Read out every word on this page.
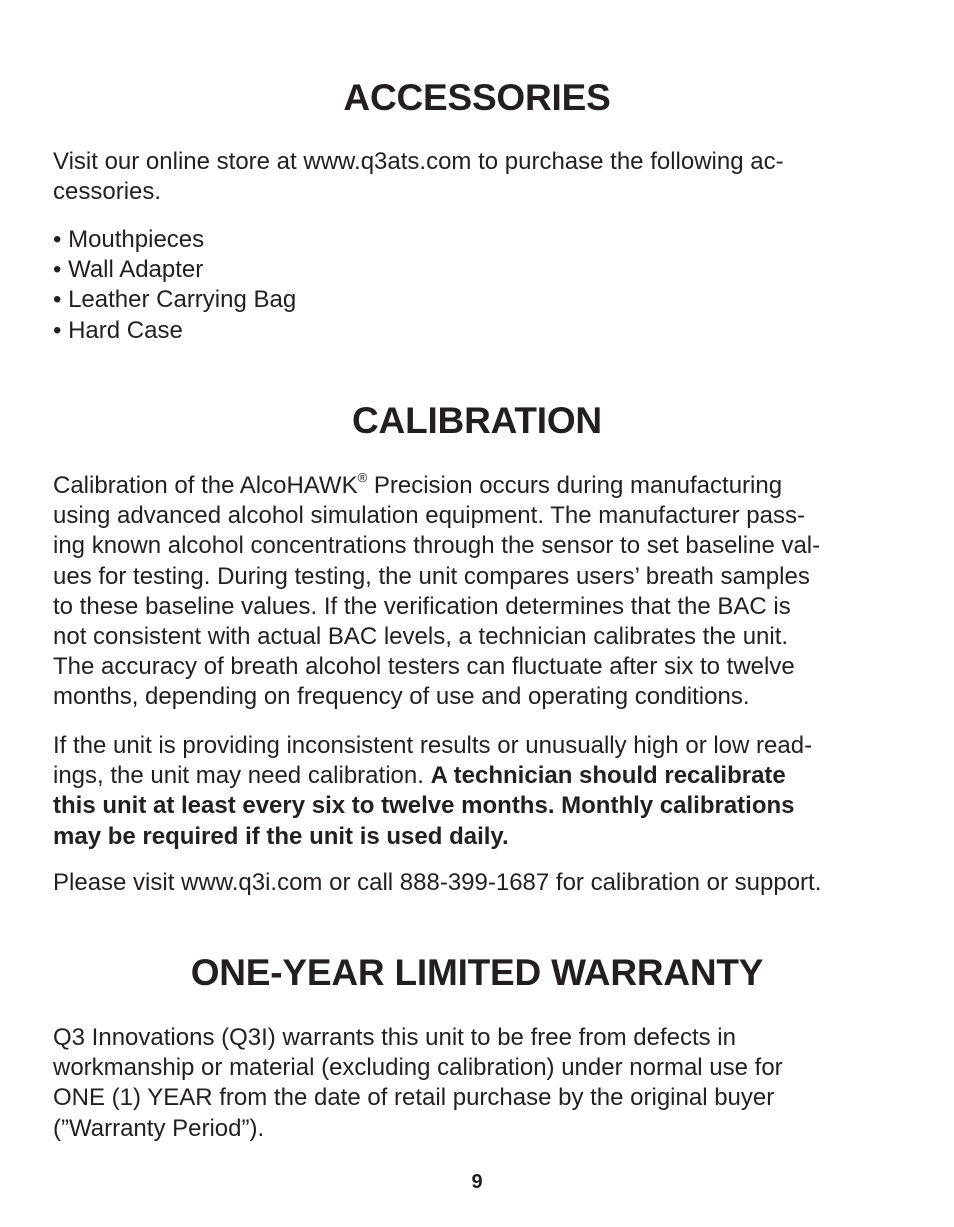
ACCESSORIES

Visit our online store at www.q3ats.com to purchase the following ac-
cessories.

• Mouthpieces
• Wall Adapter
• Leather Carrying Bag
• Hard Case
CALIBRATION

Calibration of the AlcoHAWK® Precision occurs during manufacturing
using advanced alcohol simulation equipment. The manufacturer pass-
ing known alcohol concentrations through the sensor to set baseline val-
ues for testing. During testing, the unit compares users’ breath samples
to these baseline values. If the verification determines that the BAC is
not consistent with actual BAC levels, a technician calibrates the unit.
The accuracy of breath alcohol testers can fluctuate after six to twelve
months, depending on frequency of use and operating conditions.

If the unit is providing inconsistent results or unusually high or low read-
ings, the unit may need calibration. A technician should recalibrate
this unit at least every six to twelve months. Monthly calibrations
may be required if the unit is used daily.

Please visit www.q3i.com or call 888-399-1687 for calibration or support.

ONE-YEAR LIMITED WARRANTY

Q3 Innovations (Q3I) warrants this unit to be free from defects in
workmanship or material (excluding calibration) under normal use for
ONE (1) YEAR from the date of retail purchase by the original buyer
(”Warranty Period”).

9
